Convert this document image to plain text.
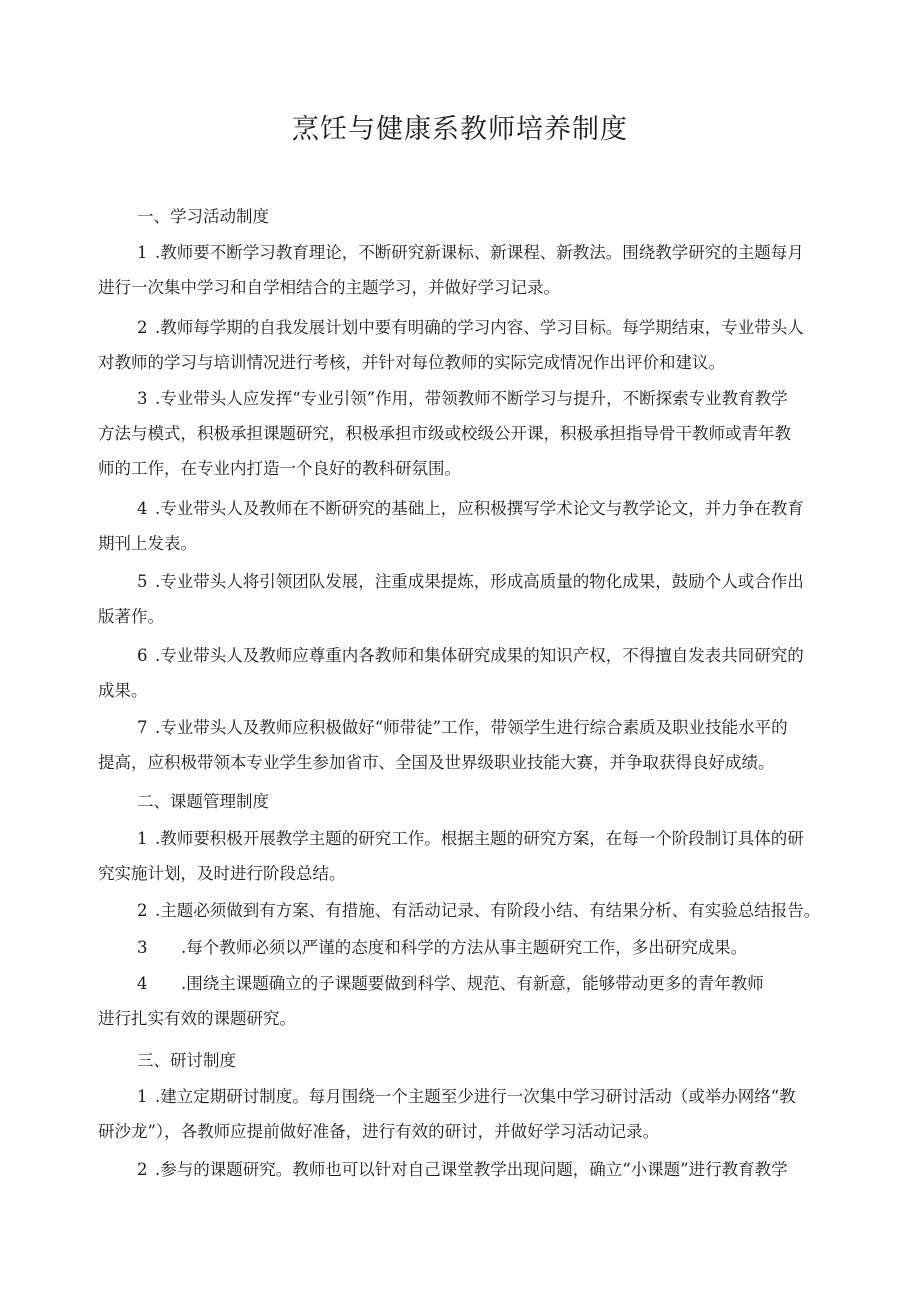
烹饪与健康系教师培养制度
一、学习活动制度
1 .教师要不断学习教育理论，不断研究新课标、新课程、新教法。围绕教学研究的主题每月
进行一次集中学习和自学相结合的主题学习，并做好学习记录。
2 .教师每学期的自我发展计划中要有明确的学习内容、学习目标。每学期结束，专业带头人
对教师的学习与培训情况进行考核，并针对每位教师的实际完成情况作出评价和建议。
3 .专业带头人应发挥“专业引领”作用，带领教师不断学习与提升，不断探索专业教育教学
方法与模式，积极承担课题研究，积极承担市级或校级公开课，积极承担指导骨干教师或青年教
师的工作，在专业内打造一个良好的教科研氛围。
4 .专业带头人及教师在不断研究的基础上，应积极撰写学术论文与教学论文，并力争在教育
期刊上发表。
5 .专业带头人将引领团队发展，注重成果提炼，形成高质量的物化成果，鼓励个人或合作出
版著作。
6 .专业带头人及教师应尊重内各教师和集体研究成果的知识产权，不得擅自发表共同研究的
成果。
7 .专业带头人及教师应积极做好“师带徒”工作，带领学生进行综合素质及职业技能水平的
提高，应积极带领本专业学生参加省市、全国及世界级职业技能大赛，并争取获得良好成绩。
二、课题管理制度
1 .教师要积极开展教学主题的研究工作。根据主题的研究方案，在每一个阶段制订具体的研
究实施计划，及时进行阶段总结。
2 .主题必须做到有方案、有措施、有活动记录、有阶段小结、有结果分析、有实验总结报告。
3 .每个教师必须以严谨的态度和科学的方法从事主题研究工作，多出研究成果。
4 .围绕主课题确立的子课题要做到科学、规范、有新意，能够带动更多的青年教师
进行扎实有效的课题研究。
三、研讨制度
1 .建立定期研讨制度。每月围绕一个主题至少进行一次集中学习研讨活动（或举办网络“教
研沙龙”），各教师应提前做好准备，进行有效的研讨，并做好学习活动记录。
2 .参与的课题研究。教师也可以针对自己课堂教学出现问题，确立“小课题”进行教育教学
